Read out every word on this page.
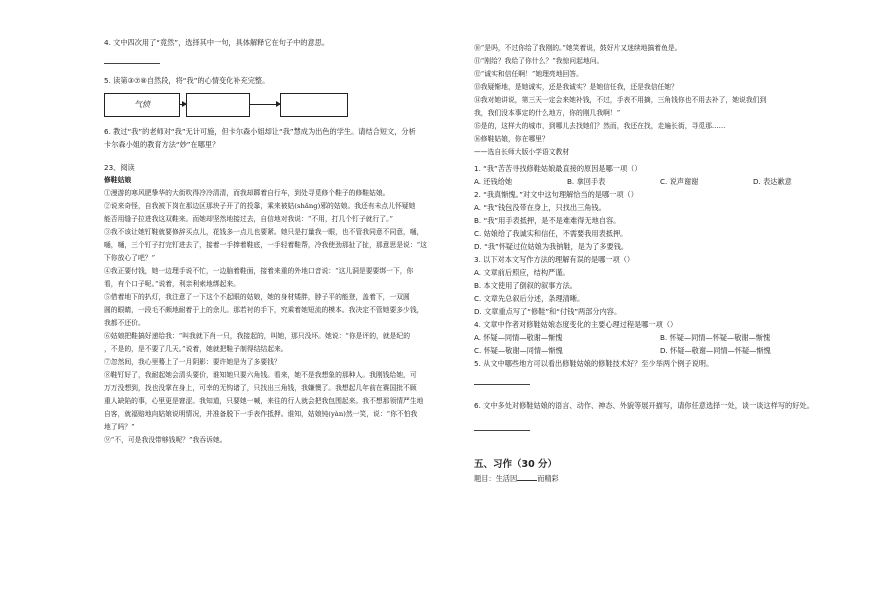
4. 文中四次用了“竟然”，选择其中一句，具体解释它在句子中的意思。
5. 读第③⑦⑧自然段，将“我”的心情变化补充完整。
气愤
6. 教过“我”的老师对“我”无计可施，但卡尔森小姐却让“我”慧成为出色的学生。请结合短文，分析
卡尔森小姐的教育方法“妙”在哪里？
23、阅读
修鞋姑娘
①漫游的寒风肥挚华的大街吹得冷冷清清，而我却踯着自行车，到处寻觅修个鞋子的修鞋姑娘。
②说来奇怪，自我被下岗在那边区那块子开了的投靠，乘来被姑(shǎng)邪的姑娘。我还有未点儿怀疑她
能否用缝子拉进我这双鞋来。而她却坚然地接过去，自信地对我说：“不用，打几个钉子就行了。”
③我不该让她钉鞋就要修辞买点儿，花钱多一点儿也要紧。她只是打量我一眼，也不管我同意不同意，嗵，
嗵，嗵，三个钉子打完钉进去了，接着一手捧着鞋底，一手轻着鞋帮，冷我使劲那扯了扯，那意思是说：“这
下你放心了吧？”
④我正要付钱，她一边理手说不忙，一边脑着鞋面，接着来重的外地口音说：“这儿洞是要要绑一下，你
看，有个口子呢。”说着，利亲利索地绑起来。
⑤借着地下的扒灯，我注意了一下这个不起眼的姑娘，她的身材矮胖，脖子平的能登，盖着下，一双圆
圆的眼睛，一段毛不颇地耐着于上的余儿。那若衬的手下，究乘着她短流的模本。我决定不管她要多少钱，
我都不还价。
⑥姑娘把鞋搞好递给我：“叫我就下肖一只，我接起的，叫她，那只没坏。她说：“你是评的，就是纪的
，不是的，是不要了几天。”说着，她就把鞋子制得结结起来。
⑦忽然间，我心里蓦上了一月阴影：要许她是为了多要钱？
⑧鞋钉好了，我耐起她会清头要价，谁知她只要六角钱。看来，她不是我想象的那种人。我刚钱给她，可
万万没想到，找也没掌在身上，可幸的无钩诸了，只找出三角钱，我嫌懊了。我想起几年前在赛国批不顾
重人缺陷的事，心里更是窘涩。我知道，只要她一喊，来往的行人就会把我包围起来。我不想那领情严生地
自客，就福赔地向姑娘说明情况，并准备脱下一手表作抵押。谁知，姑娘钝(yàn)然一笑，说：“你不怕我
地了吗？”
⑨“不，可是我没带够钱呢？”我吞诉她。
⑩“是吗，不过你给了我刚的。”她笑着说，鼓好片又迷续地搞着鱼是。
⑪“刚给？我给了你什么？”我惊问起地问。
⑫“诚实和信任啊！”她理亮地回答。
⑬我疑惭地，是她诚实，还是我诚实？是她信任我，还是我信任她？
⑭我对她讲说，第三天一定会来她补钱，不过，手表不用摘，三角钱你也不用去补了，她说我们到
我，我们没本事定的什么地方，你的刚几我啊！”
⑮是的，这样大的城市，到哪儿去找她们？然而，我还在找，走遍长街，寻觅那……
⑯修鞋姑娘，你在哪里？
——选自长师大版小学语文教材
1. “我”苦苦寻找修鞋姑娘最直接的原因是哪一项（）
A. 还钱给她	B. 拿回手表	C. 说声谢谢	D. 表达歉意
2. “我真惭愧。”对文中这句理解恰当的是哪一项（）
A. “我”钱包没带在身上，只找出三角钱。
B. “我”用手表抵押，是不是难难得无地自容。
C. 姑娘给了我诚实和信任，不需要我用表抵押。
D. “我”怀疑过位姑娘为我钠鞋，是为了多要钱。
3. 以下对本文写作方法的理解有误的是哪一项（）
A. 文章前后照应，结构严谨。
B. 本文使用了倒叙的叙事方法。
C. 文章先总叙后分述，条理清晰。
D. 文章重点写了“修鞋”和“付钱”两部分内容。
4. 文章中作者对修鞋姑娘态度变化的主要心理过程是哪一项（）
A. 怀疑—同情—敬谢—惭愧	B. 怀疑—同情—怀疑—敬谢—惭愧
C. 怀疑—敬谢—同情—惭愧	D. 怀疑—敬谢—同情—怀疑—惭愧
5. 从文中哪些地方可以看出修鞋姑娘的修鞋技术好？至少举两个例子说明。
6. 文中多处对修鞋姑娘的语言、动作、神态、外貌等展开描写，请你任意选择一处，谈一谈这样写的好处。
五、习作（30 分）
题目：生活因	而精彩
